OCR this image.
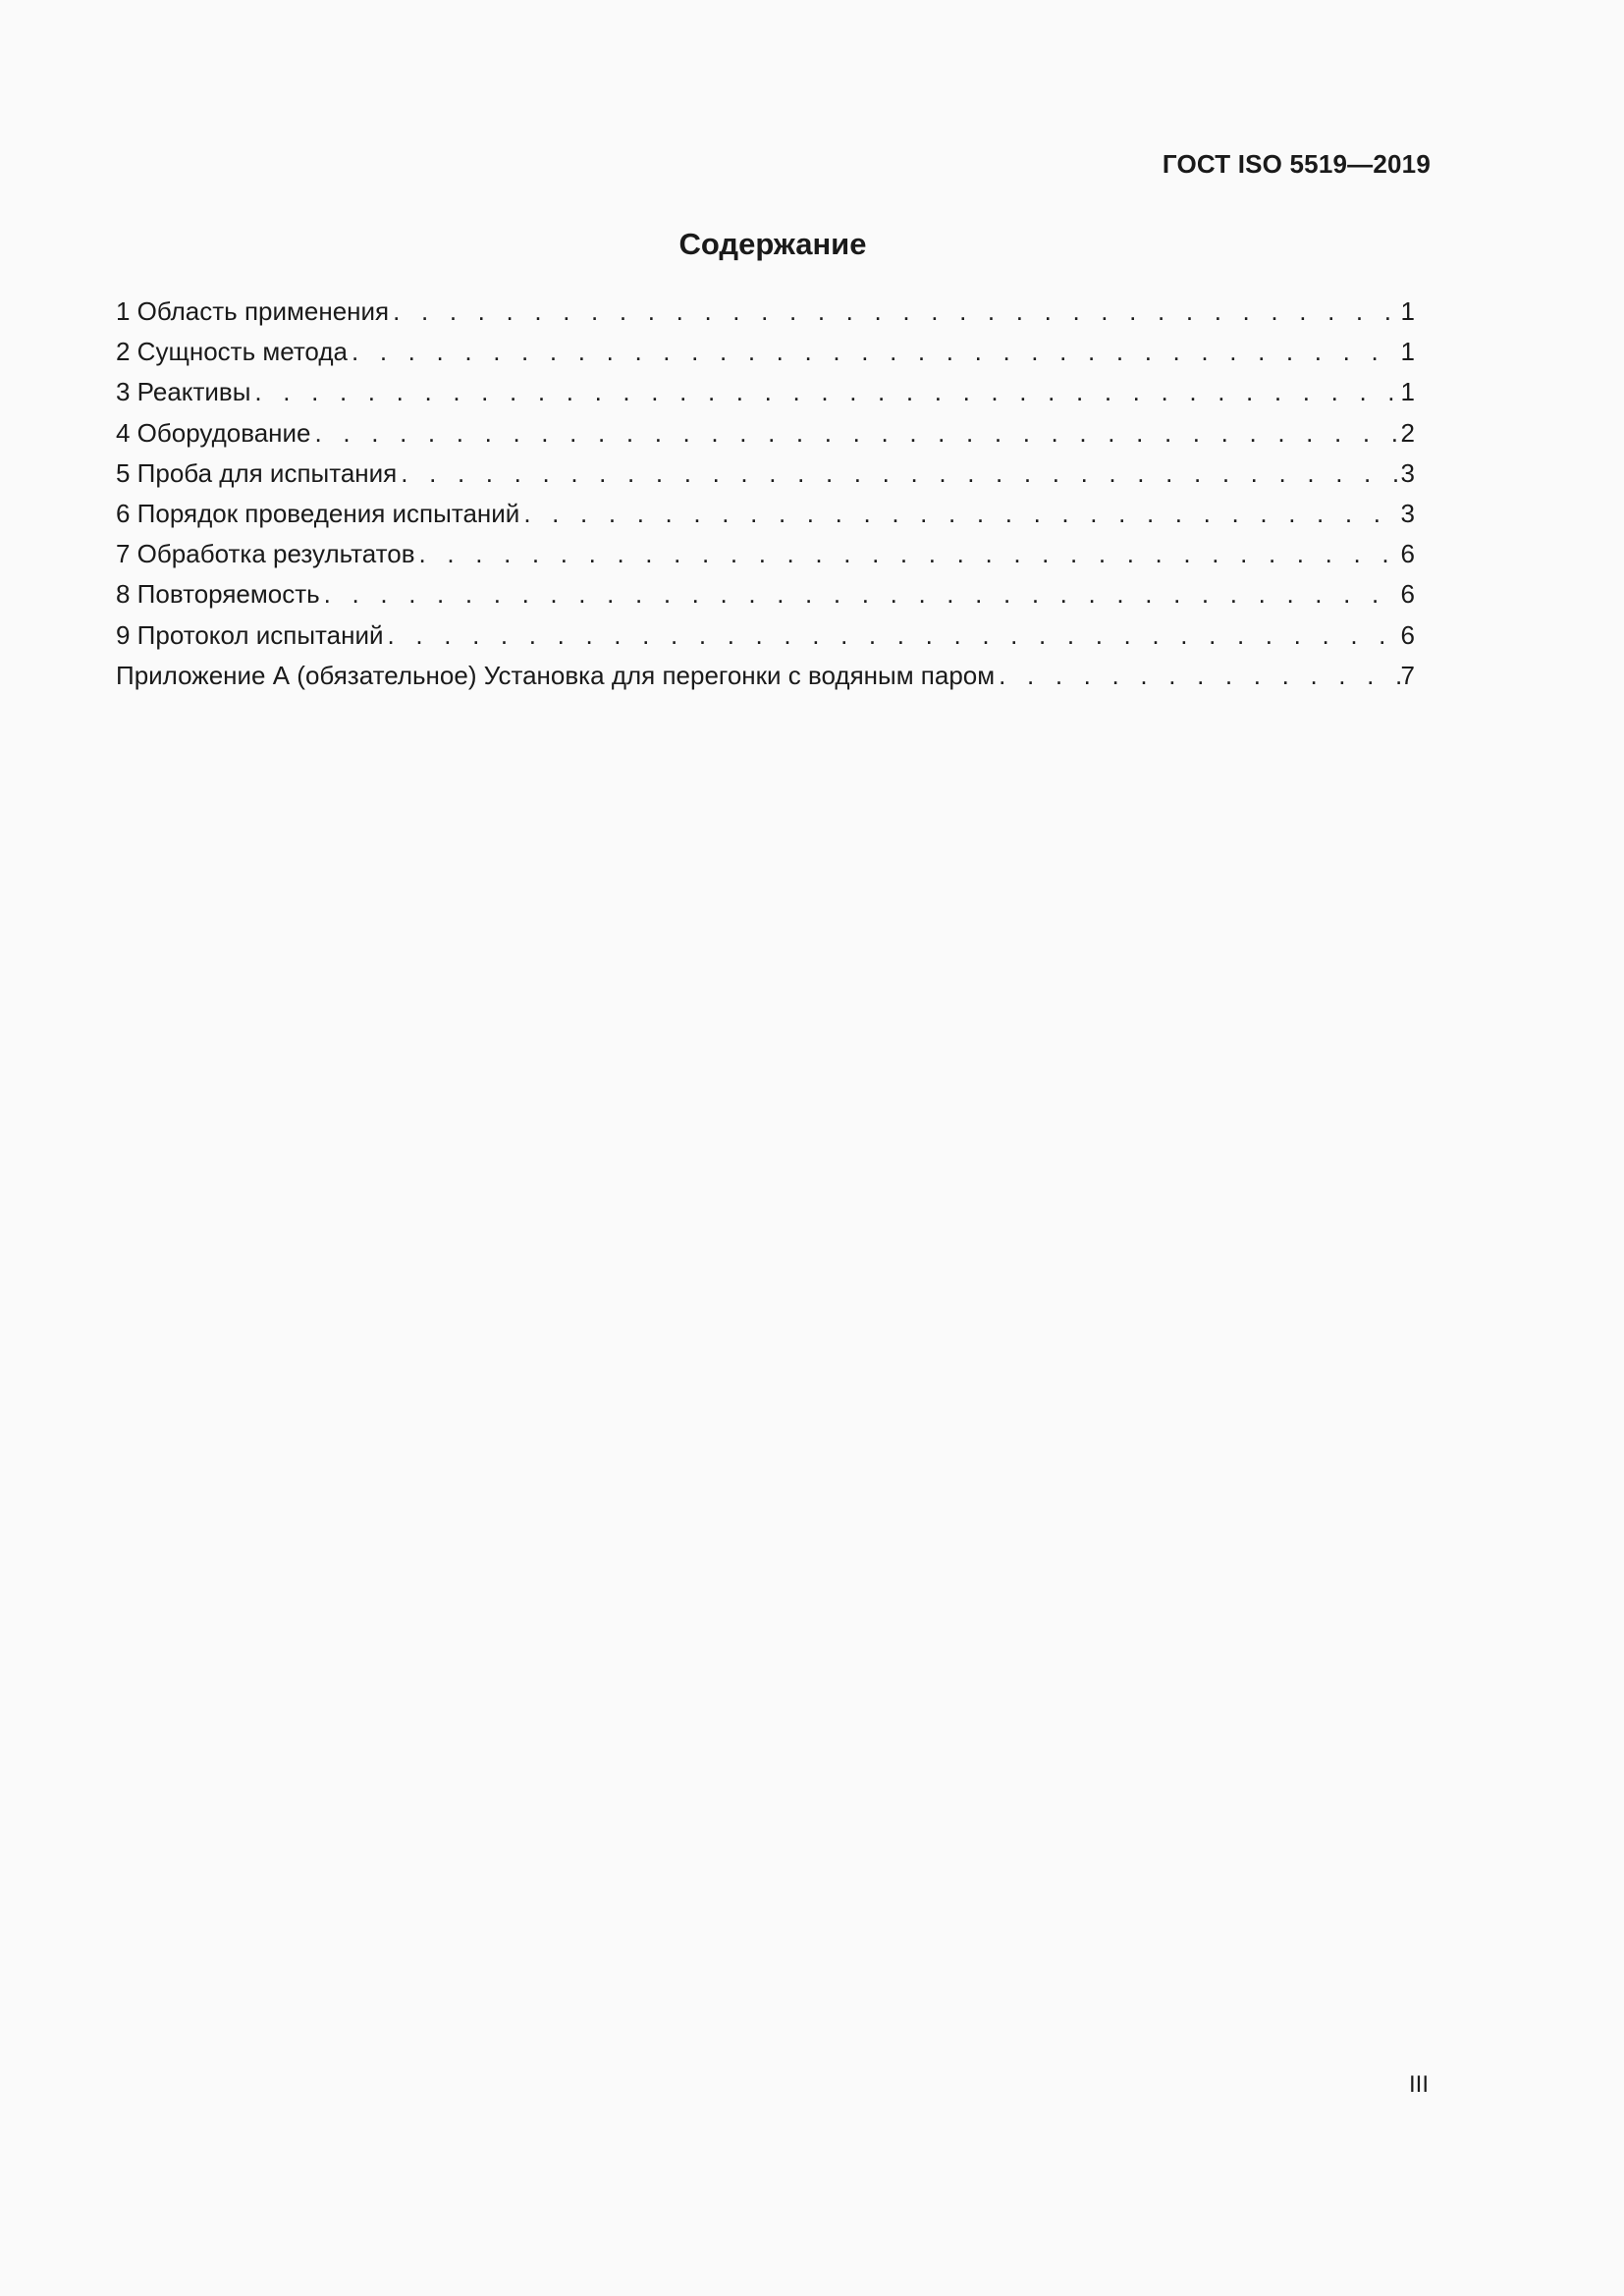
ГОСТ ISO 5519—2019
Содержание
1 Область применения . . .	1
2 Сущность метода . . .	1
3 Реактивы . . .	1
4 Оборудование . . .	2
5 Проба для испытания . . .	3
6 Порядок проведения испытаний . . .	3
7 Обработка результатов . . .	6
8 Повторяемость . . .	6
9 Протокол испытаний . . .	6
Приложение А (обязательное) Установка для перегонки с водяным паром . . .	7
III
